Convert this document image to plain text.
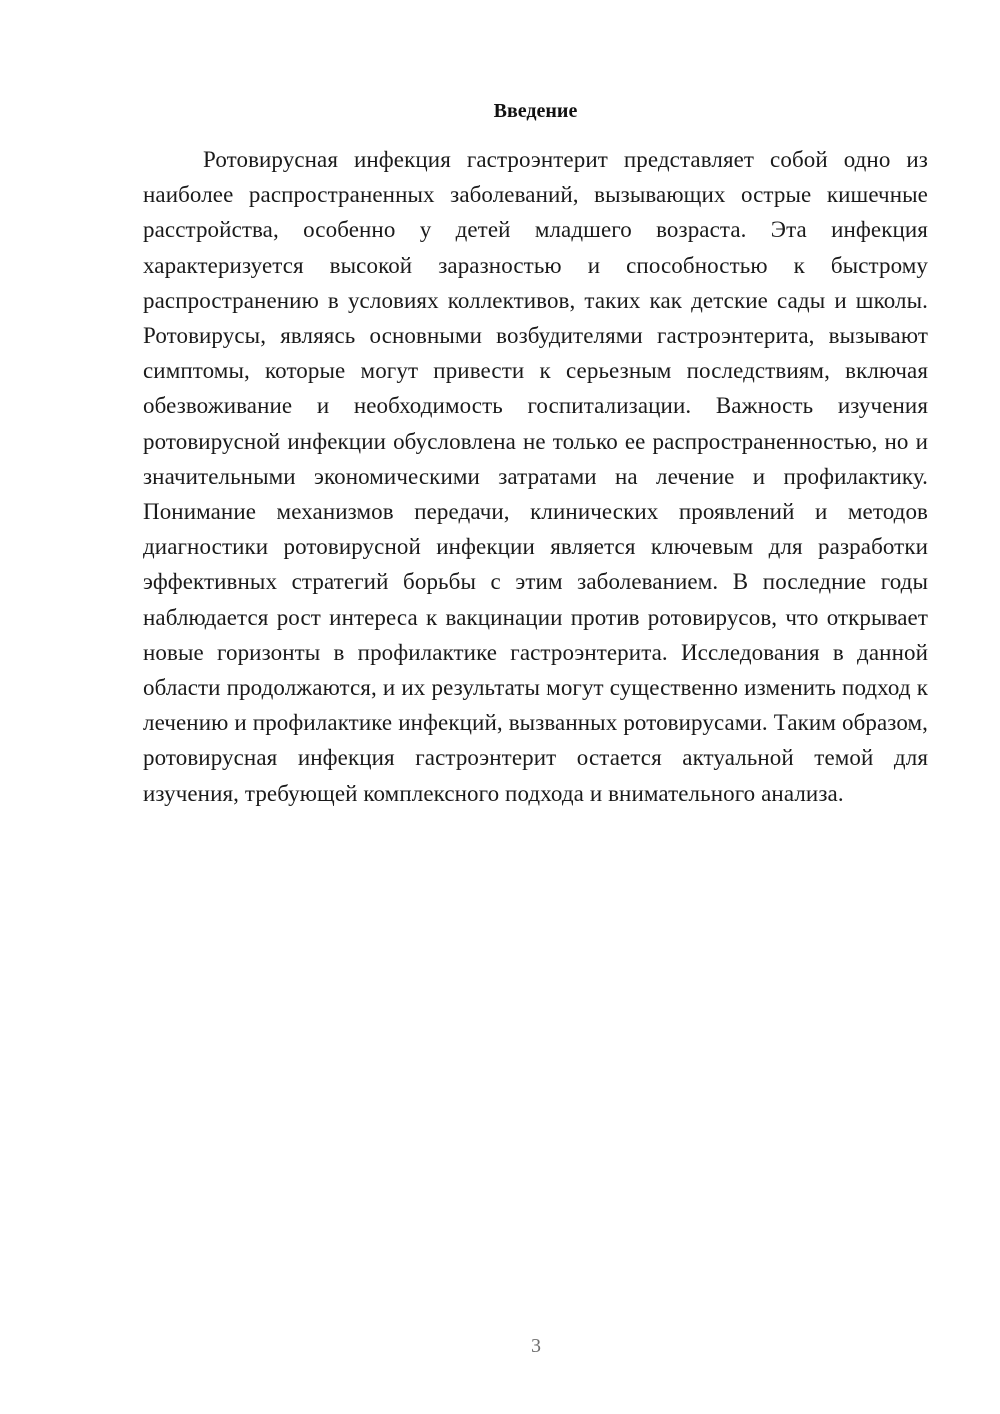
Введение

Ротовирусная инфекция гастроэнтерит представляет собой одно из наиболее распространенных заболеваний, вызывающих острые кишечные расстройства, особенно у детей младшего возраста. Эта инфекция характеризуется высокой заразностью и способностью к быстрому распространению в условиях коллективов, таких как детские сады и школы. Ротовирусы, являясь основными возбудителями гастроэнтерита, вызывают симптомы, которые могут привести к серьезным последствиям, включая обезвоживание и необходимость госпитализации. Важность изучения ротовирусной инфекции обусловлена не только ее распространенностью, но и значительными экономическими затратами на лечение и профилактику. Понимание механизмов передачи, клинических проявлений и методов диагностики ротовирусной инфекции является ключевым для разработки эффективных стратегий борьбы с этим заболеванием. В последние годы наблюдается рост интереса к вакцинации против ротовирусов, что открывает новые горизонты в профилактике гастроэнтерита. Исследования в данной области продолжаются, и их результаты могут существенно изменить подход к лечению и профилактике инфекций, вызванных ротовирусами. Таким образом, ротовирусная инфекция гастроэнтерит остается актуальной темой для изучения, требующей комплексного подхода и внимательного анализа.

3
